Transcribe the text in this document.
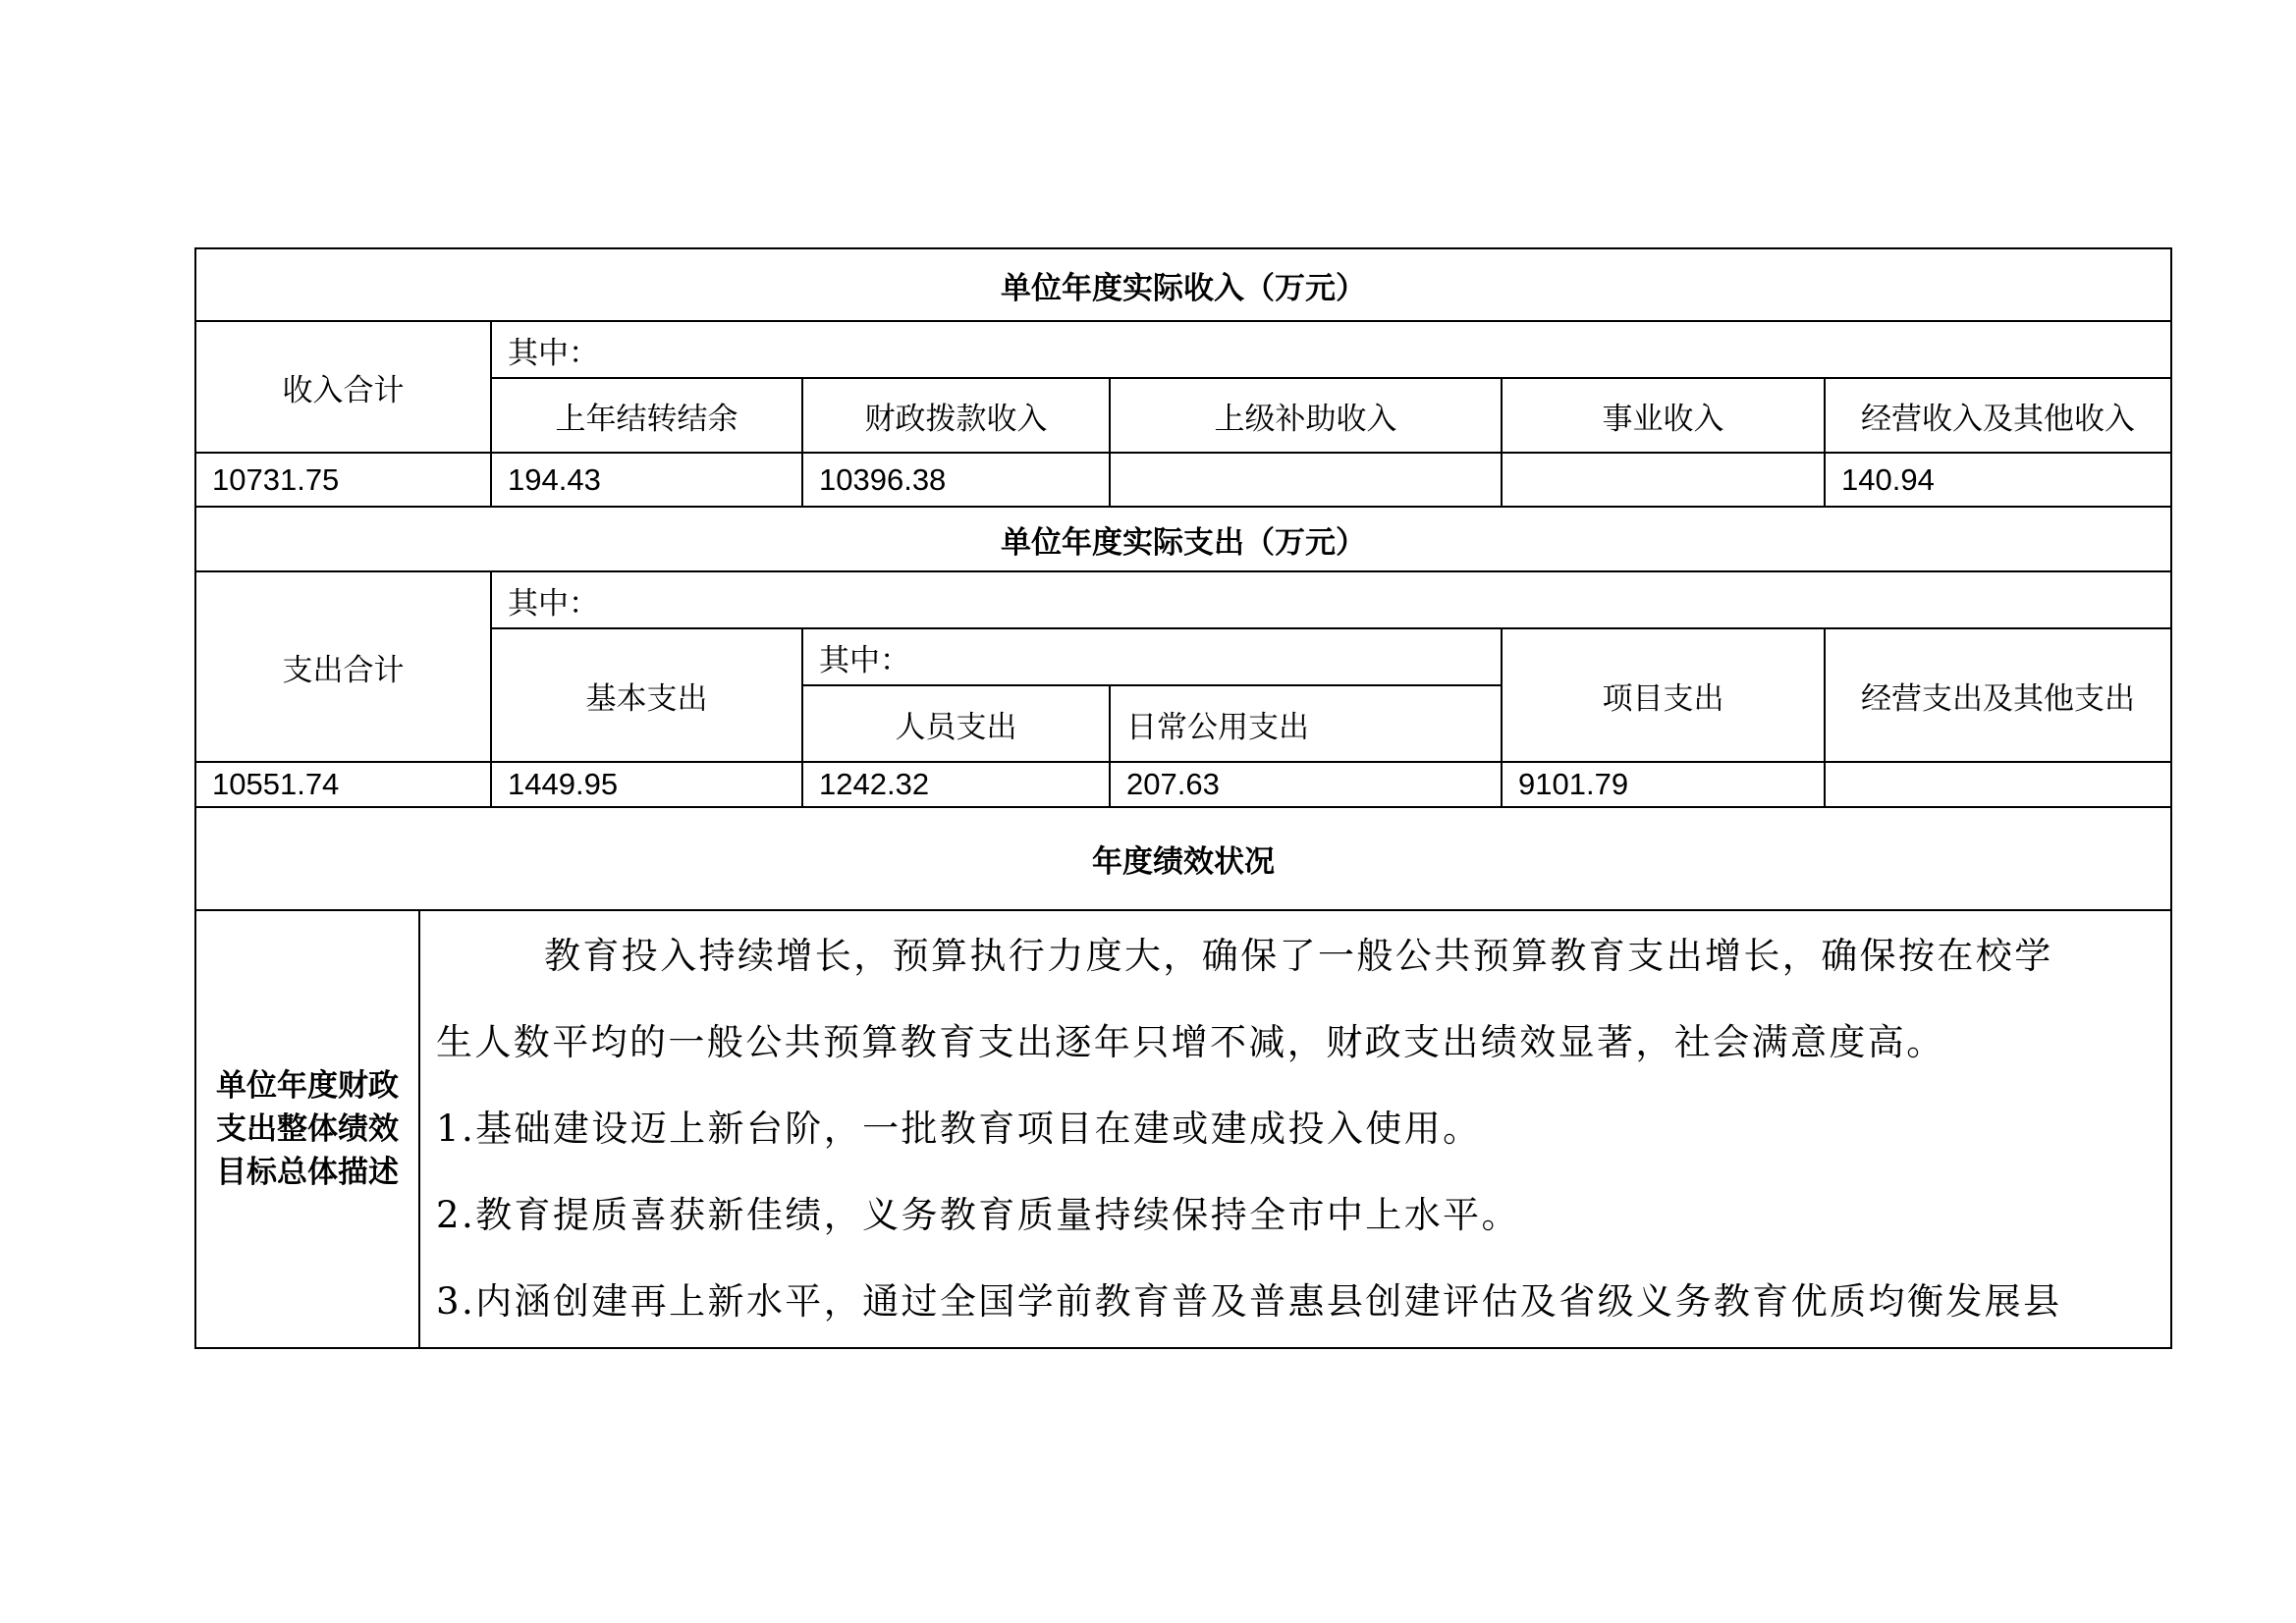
单位年度实际收入（万元）						
收入合计		其中：				
		上年结转结余	财政拨款收入	上级补助收入	事业收入	经营收入及其他收入
10731.75		194.43	10396.38			140.94
单位年度实际支出（万元）						
支出合计		其中：				
		基本支出	其中：		项目支出	经营支出及其他支出
			人员支出	日常公用支出		
10551.74		1449.95	1242.32	207.63	9101.79	
年度绩效状况						
单位年度财政支出整体绩效目标总体描述	教育投入持续增长，预算执行力度大，确保了一般公共预算教育支出增长，确保按在校学

生人数平均的一般公共预算教育支出逐年只增不减，财政支出绩效显著，社会满意度高。

1.基础建设迈上新台阶，一批教育项目在建或建成投入使用。

2.教育提质喜获新佳绩，义务教育质量持续保持全市中上水平。

3.内涵创建再上新水平，通过全国学前教育普及普惠县创建评估及省级义务教育优质均衡发展县					
